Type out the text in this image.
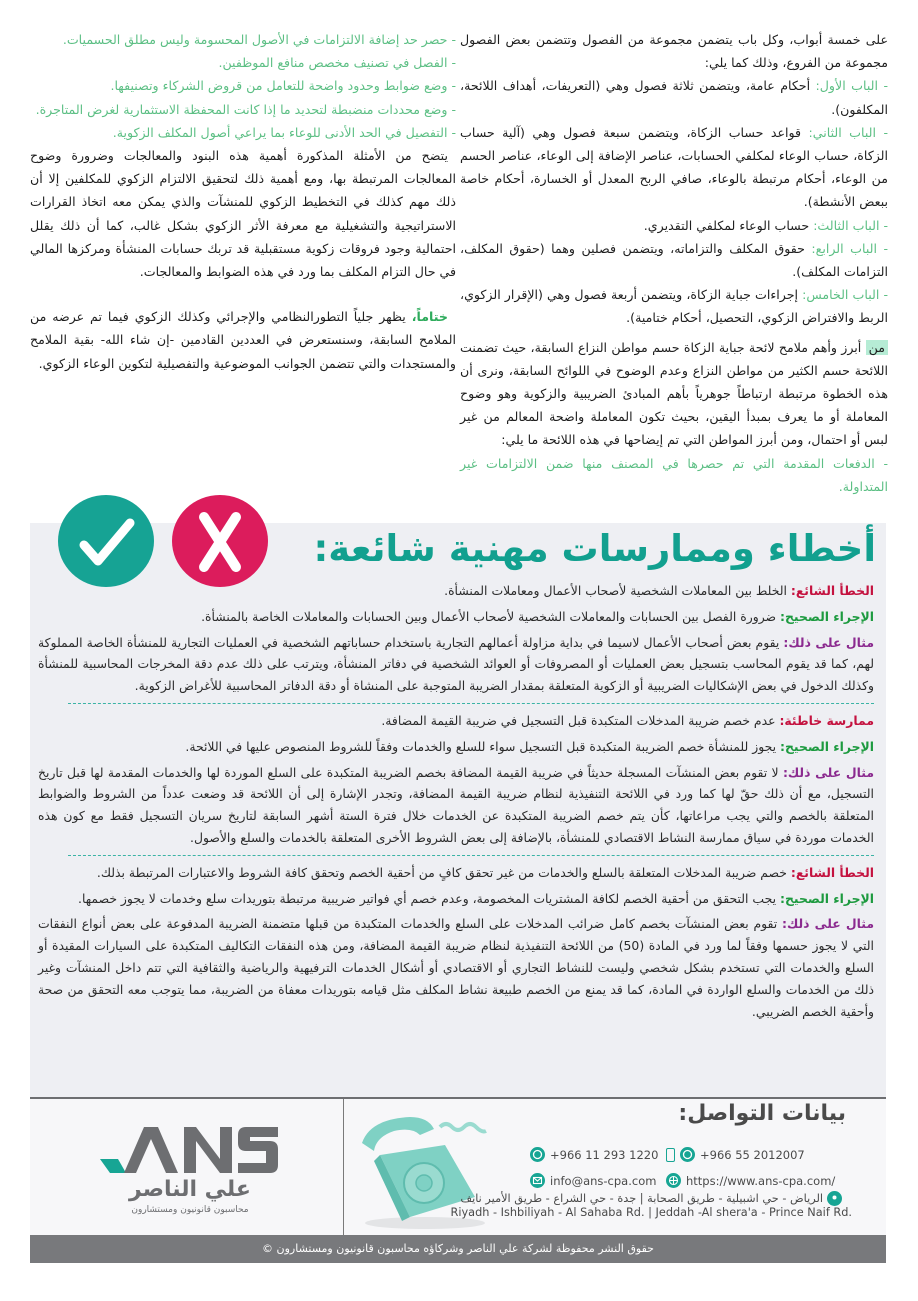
على خمسة أبواب، وكل باب يتضمن مجموعة من الفصول وتتضمن بعض الفصول مجموعة من الفروع، وذلك كما يلي:

- الباب الأول: أحكام عامة، ويتضمن ثلاثة فصول وهي (التعريفات، أهداف اللائحة، المكلفون).

- الباب الثاني: قواعد حساب الزكاة، ويتضمن سبعة فصول وهي (آلية حساب الزكاة، حساب الوعاء لمكلفي الحسابات، عناصر الإضافة إلى الوعاء، عناصر الحسم من الوعاء، أحكام مرتبطة بالوعاء، صافي الربح المعدل أو الخسارة، أحكام خاصة ببعض الأنشطة).

- الباب الثالث: حساب الوعاء لمكلفي التقديري.

- الباب الرابع: حقوق المكلف والتزاماته، ويتضمن فصلين وهما (حقوق المكلف، التزامات المكلف).

- الباب الخامس: إجراءات جباية الزكاة، ويتضمن أربعة فصول وهي (الإقرار الزكوي، الربط والافتراض الزكوي، التحصيل، أحكام ختامية).

من أبرز وأهم ملامح لائحة جباية الزكاة حسم مواطن النزاع السابقة، حيث تضمنت اللائحة حسم الكثير من مواطن النزاع وعدم الوضوح في اللوائح السابقة، ونرى أن هذه الخطوة مرتبطة ارتباطاً جوهرياً بأهم المبادئ الضريبية والزكوية وهو وضوح المعاملة أو ما يعرف بمبدأ اليقين، بحيث تكون المعاملة واضحة المعالم من غير لبس أو احتمال، ومن أبرز المواطن التي تم إيضاحها في هذه اللائحة ما يلي:

- الدفعات المقدمة التي تم حصرها في المصنف منها ضمن الالتزامات غير المتداولة.

- حصر حد إضافة الالتزامات في الأصول المحسومة وليس مطلق الحسميات.

- الفصل في تصنيف مخصص منافع الموظفين.

- وضع ضوابط وحدود واضحة للتعامل من قروض الشركاء وتصنيفها.

- وضع محددات منضبطة لتحديد ما إذا كانت المحفظة الاستثمارية لغرض المتاجرة.

- التفصيل في الحد الأدنى للوعاء بما يراعي أصول المكلف الزكوية.

يتضح من الأمثلة المذكورة أهمية هذه البنود والمعالجات وضرورة وضوح المعالجات المرتبطة بها، ومع أهمية ذلك لتحقيق الالتزام الزكوي للمكلفين إلا أن ذلك مهم كذلك في التخطيط الزكوي للمنشآت والذي يمكن معه اتخاذ القرارات الاستراتيجية والتشغيلية مع معرفة الأثر الزكوي بشكل غالب، كما أن ذلك يقلل احتمالية وجود فروقات زكوية مستقبلية قد تربك حسابات المنشأة ومركزها المالي في حال التزام المكلف بما ورد في هذه الضوابط والمعالجات.

ختاماً، يظهر جلياً التطورالنظامي والإجرائي وكذلك الزكوي فيما تم عرضه من الملامح السابقة، وسنستعرض في العددين القادمين -إن شاء الله- بقية الملامح والمستجدات والتي تتضمن الجوانب الموضوعية والتفصيلية لتكوين الوعاء الزكوي.

أخطاء وممارسات مهنية شائعة:

الخطأ الشائع: الخلط بين المعاملات الشخصية لأصحاب الأعمال ومعاملات المنشأة.

الإجراء الصحيح: ضرورة الفصل بين الحسابات والمعاملات الشخصية لأصحاب الأعمال وبين الحسابات والمعاملات الخاصة بالمنشأة.

مثال على ذلك: يقوم بعض أصحاب الأعمال لاسيما في بداية مزاولة أعمالهم التجارية باستخدام حساباتهم الشخصية في العمليات التجارية للمنشأة الخاصة المملوكة لهم، كما قد يقوم المحاسب بتسجيل بعض العمليات أو المصروفات أو العوائد الشخصية في دفاتر المنشأة، ويترتب على ذلك عدم دقة المخرجات المحاسبية للمنشأة وكذلك الدخول في بعض الإشكاليات الضريبية أو الزكوية المتعلقة بمقدار الضريبة المتوجبة على المنشاة أو دقة الدفاتر المحاسبية للأغراض الزكوية.

ممارسة خاطئة: عدم خصم ضريبة المدخلات المتكبدة قبل التسجيل في ضريبة القيمة المضافة.

الإجراء الصحيح: يجوز للمنشأة خصم الضريبة المتكبدة قبل التسجيل سواء للسلع والخدمات وفقاً للشروط المنصوص عليها في اللائحة.

مثال على ذلك: لا تقوم بعض المنشآت المسجلة حديثاً في ضريبة القيمة المضافة بخصم الضريبة المتكبدة على السلع الموردة لها والخدمات المقدمة لها قبل تاريخ التسجيل، مع أن ذلك حقّ لها كما ورد في اللائحة التنفيذية لنظام ضريبة القيمة المضافة، وتجدر الإشارة إلى أن اللائحة قد وضعت عدداً من الشروط والضوابط المتعلقة بالخصم والتي يجب مراعاتها، كأن يتم خصم الضريبة المتكبدة عن الخدمات خلال فترة الستة أشهر السابقة لتاريخ سريان التسجيل فقط مع كون هذه الخدمات موردة في سياق ممارسة النشاط الاقتصادي للمنشأة، بالإضافة إلى بعض الشروط الأخرى المتعلقة بالخدمات والسلع والأصول.

الخطأ الشائع: خصم ضريبة المدخلات المتعلقة بالسلع والخدمات من غير تحقق كافٍ من أحقية الخصم وتحقق كافة الشروط والاعتبارات المرتبطة بذلك.

الإجراء الصحيح: يجب التحقق من أحقية الخصم لكافة المشتريات المخصومة، وعدم خصم أي فواتير ضريبية مرتبطة بتوريدات سلع وخدمات لا يجوز خصمها.

مثال على ذلك: تقوم بعض المنشآت بخصم كامل ضرائب المدخلات على السلع والخدمات المتكبدة من قبلها متضمنة الضريبة المدفوعة على بعض أنواع النفقات التي لا يجوز حسمها وفقاً لما ورد في المادة (50) من اللائحة التنفيذية لنظام ضريبة القيمة المضافة، ومن هذه النفقات التكاليف المتكبدة على السيارات المقيدة أو السلع والخدمات التي تستخدم بشكل شخصي وليست للنشاط التجاري أو الاقتصادي أو أشكال الخدمات الترفيهية والرياضية والثقافية التي تتم داخل المنشآت وغير ذلك من الخدمات والسلع الواردة في المادة، كما قد يمنع من الخصم طبيعة نشاط المكلف مثل قيامه بتوريدات معفاة من الضريبة، مما يتوجب معه التحقق من صحة وأحقية الخصم الضريبي.

علي الناصر
محاسبون قانونيون ومستشارون
بيانات التواصل:
+966 11 293 1220	+966 55 2012007
info@ans-cpa.com	https://www.ans-cpa.com/
الرياض - حي اشبيلية - طريق الصحابة | جدة - حي الشراع - طريق الأمير نايف
Riyadh - Ishbiliyah - Al Sahaba Rd. | Jeddah -Al shera'a - Prince Naif Rd.
حقوق النشر محفوظة لشركة علي الناصر وشركاؤه محاسبون قانونيون ومستشارون ©
